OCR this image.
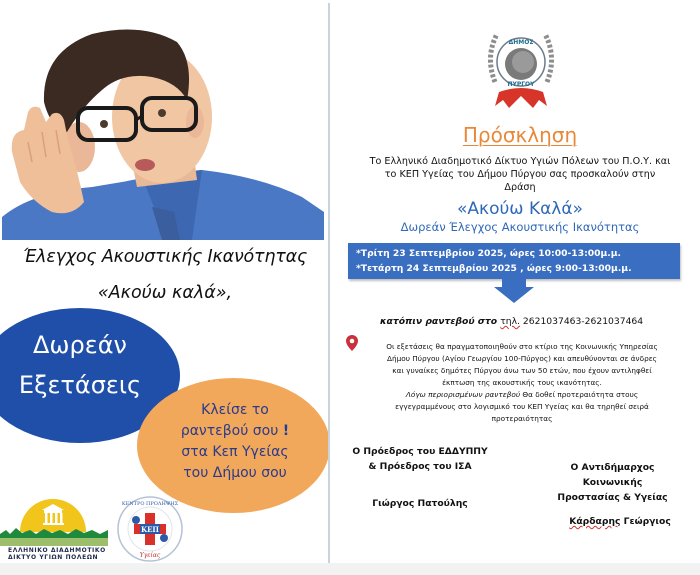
Έλεγχος Ακουστικής Ικανότητας
«Ακούω καλά»,
Δωρεάν
Εξετάσεις
Κλείσε το
ραντεβού σου !
στα Κεπ Υγείας
του Δήμου σου
ΕΛΛΗΝΙΚΟ ΔΙΑΔΗΜΟΤΙΚΟ
ΔΙΚΤΥΟ ΥΓΙΩΝ ΠΟΛΕΩΝ
ΚΕΠ
Υγείας
ΚΕΝΤΡΟ ΠΡΟΛΗΨΗΣ
ΔΗΜΟΣ
ΠΥΡΓΟΥ
Πρόσκληση
Το Ελληνικό Διαδημοτικό Δίκτυο Υγιών Πόλεων του Π.Ο.Υ. και
το ΚΕΠ Υγείας του Δήμου Πύργου σας προσκαλούν στην
Δράση
«Ακούω Καλά»
Δωρεάν Έλεγχος Ακουστικής Ικανότητας
*Τρίτη 23 Σεπτεμβρίου 2025, ώρες 10:00-13:00μ.μ.
*Τετάρτη 24 Σεπτεμβρίου 2025 , ώρες 9:00-13:00μ.μ.
κατόπιν ραντεβού στο τηλ. 2621037463-2621037464
Οι εξετάσεις θα πραγματοποιηθούν στο κτίριο της Κοινωνικής Υπηρεσίας
Δήμου Πύργου (Αγίου Γεωργίου 100-Πύργος) και απευθύνονται σε άνδρες
και γυναίκες δημότες Πύργου άνω των 50 ετών, που έχουν αντιληφθεί
έκπτωση της ακουστικής τους ικανότητας.
Λόγω περιορισμένων ραντεβού Θα δοθεί προτεραιότητα στους
εγγεγραμμένους στο λογισμικό του ΚΕΠ Υγείας και θα τηρηθεί σειρά
προτεραιότητας
Ο Πρόεδρος του ΕΔΔΥΠΠΥ
& Πρόεδρος του ΙΣΑ
Γιώργος Πατούλης
Ο Αντιδήμαρχος Κοινωνικής
Προστασίας & Υγείας
Κάρδαρης Γεώργιος
